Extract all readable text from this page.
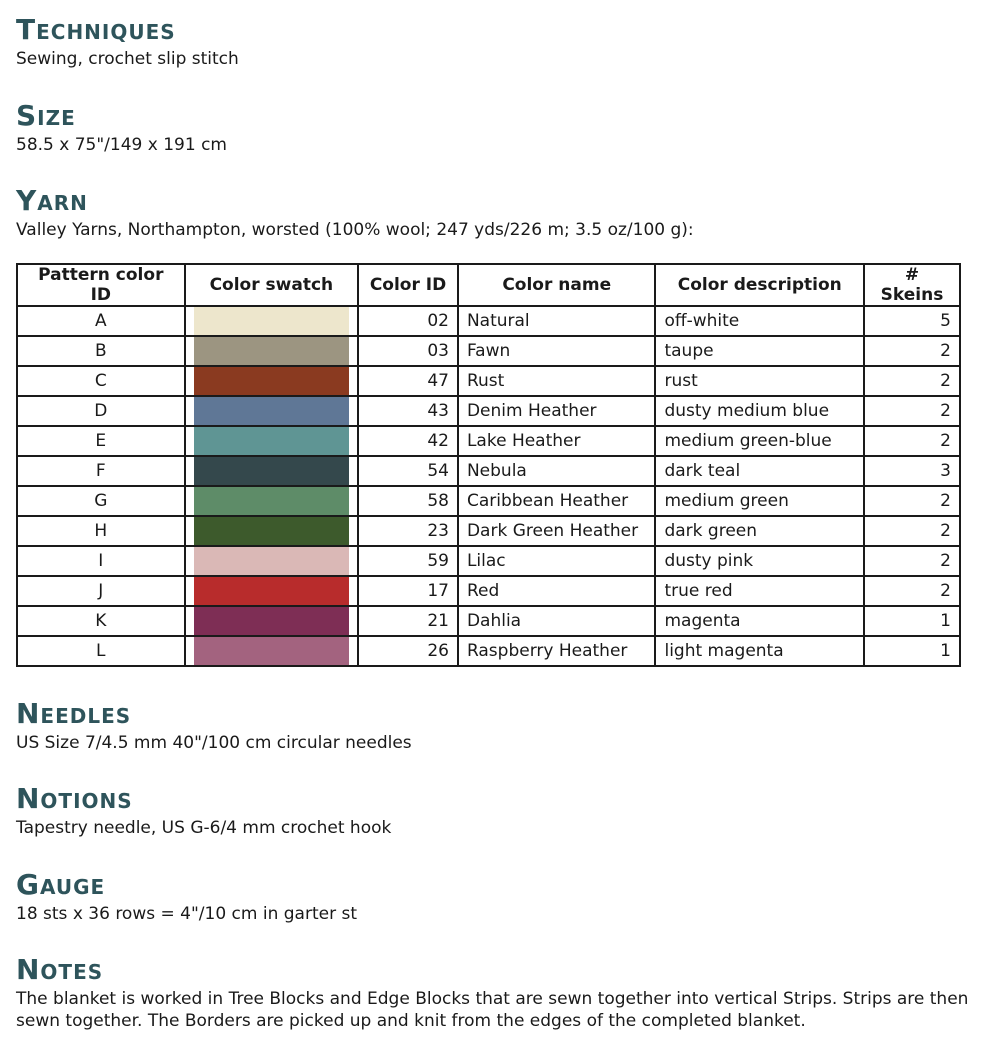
Techniques

Sewing, crochet slip stitch

Size

58.5 x 75"/149 x 191 cm

Yarn

Valley Yarns, Northampton, worsted (100% wool; 247 yds/226 m; 3.5 oz/100 g):

Pattern color ID	Color swatch	Color ID	Color name	Color description	# Skeins
A		02	Natural	off-white	5
B		03	Fawn	taupe	2
C		47	Rust	rust	2
D		43	Denim Heather	dusty medium blue	2
E		42	Lake Heather	medium green-blue	2
F		54	Nebula	dark teal	3
G		58	Caribbean Heather	medium green	2
H		23	Dark Green Heather	dark green	2
I		59	Lilac	dusty pink	2
J		17	Red	true red	2
K		21	Dahlia	magenta	1
L		26	Raspberry Heather	light magenta	1
Needles

US Size 7/4.5 mm 40"/100 cm circular needles

Notions

Tapestry needle, US G-6/4 mm crochet hook

Gauge

18 sts x 36 rows = 4"/10 cm in garter st

Notes

The blanket is worked in Tree Blocks and Edge Blocks that are sewn together into vertical Strips. Strips are then sewn together. The Borders are picked up and knit from the edges of the completed blanket.
